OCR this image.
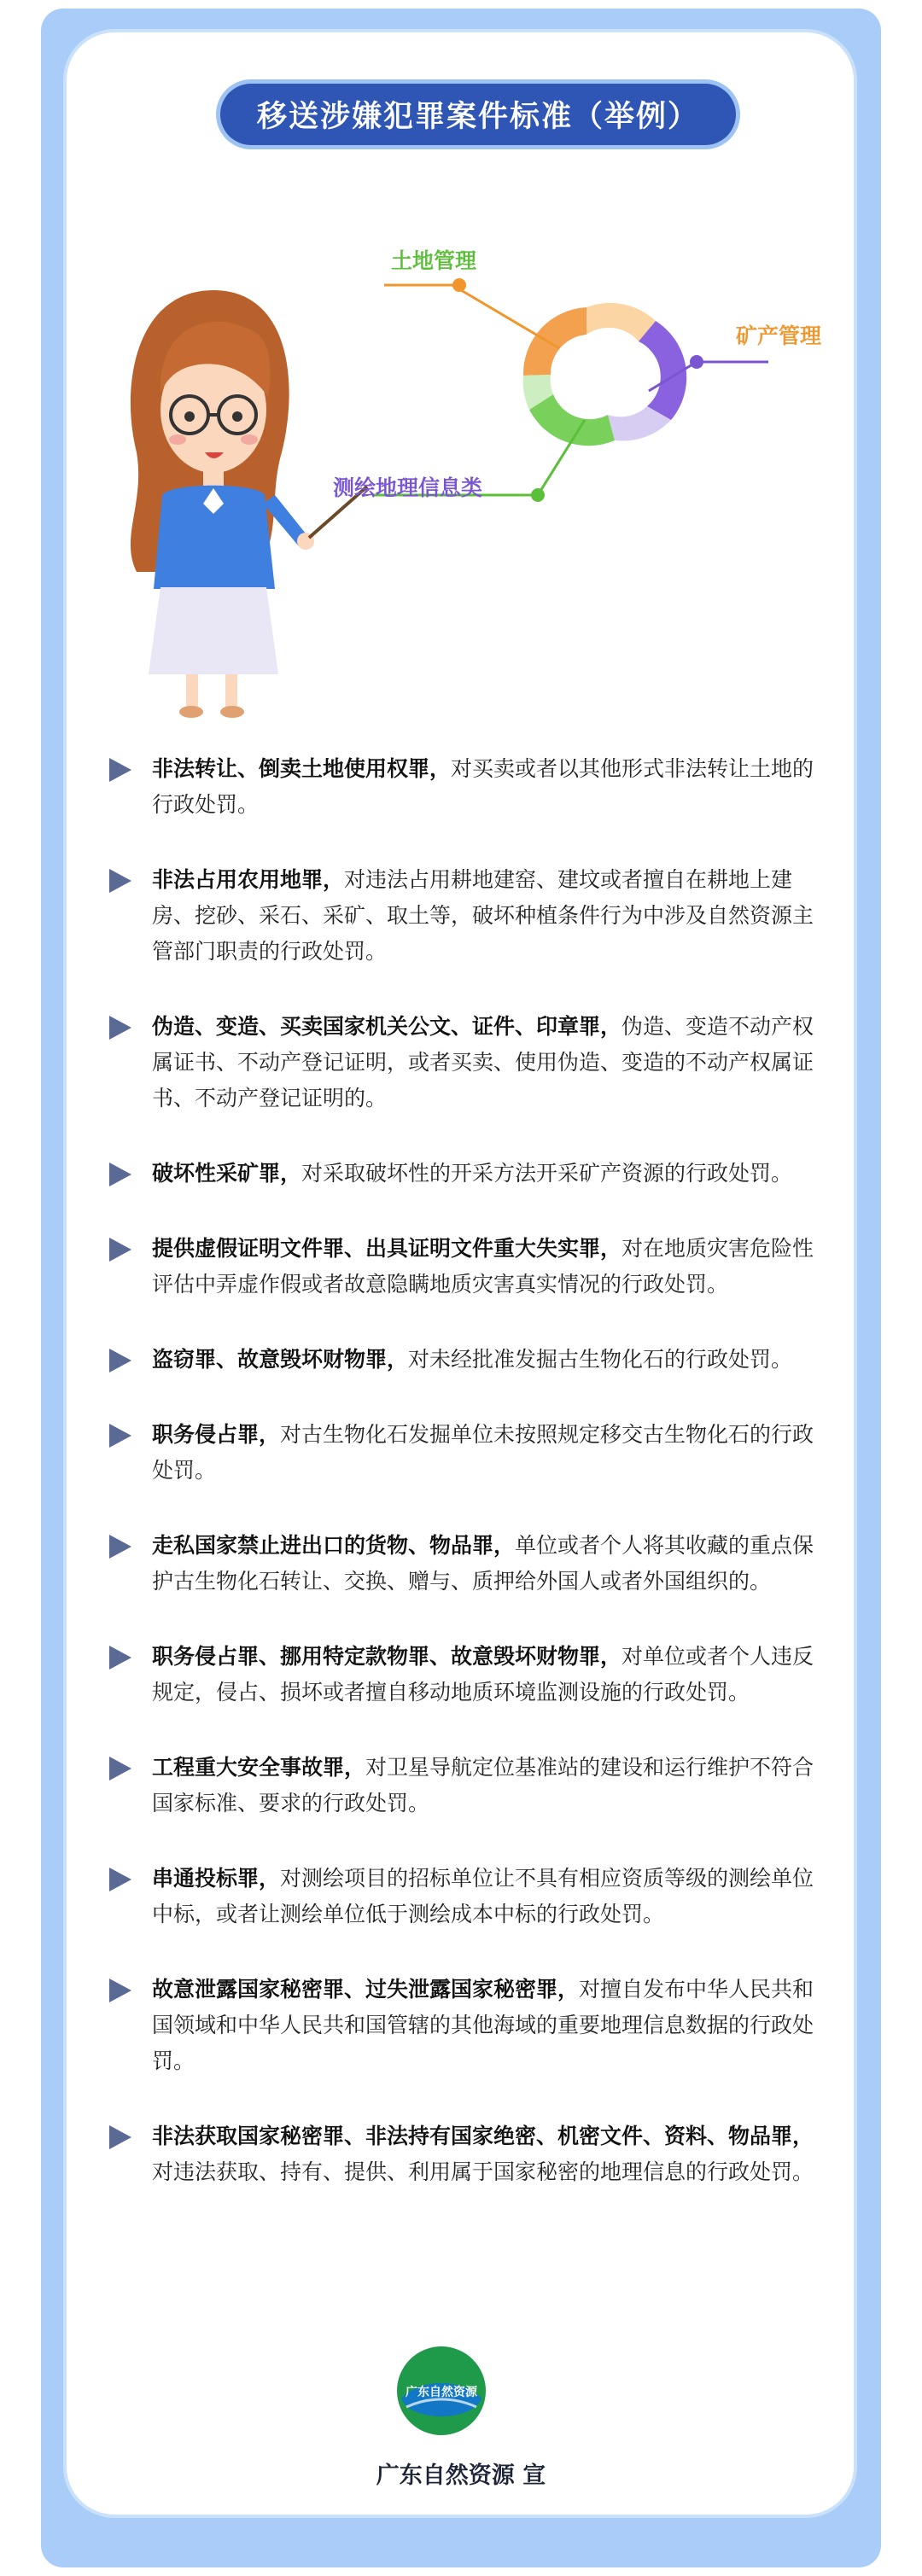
移送涉嫌犯罪案件标准（举例）
土地管理
矿产管理
测绘地理信息类
非法转让、倒卖土地使用权罪，对买卖或者以其他形式非法转让土地的行政处罚。
非法占用农用地罪，对违法占用耕地建窑、建坟或者擅自在耕地上建房、挖砂、采石、采矿、取土等，破坏种植条件行为中涉及自然资源主管部门职责的行政处罚。
伪造、变造、买卖国家机关公文、证件、印章罪，伪造、变造不动产权属证书、不动产登记证明，或者买卖、使用伪造、变造的不动产权属证书、不动产登记证明的。
破坏性采矿罪，对采取破坏性的开采方法开采矿产资源的行政处罚。
提供虚假证明文件罪、出具证明文件重大失实罪，对在地质灾害危险性评估中弄虚作假或者故意隐瞒地质灾害真实情况的行政处罚。
盗窃罪、故意毁坏财物罪，对未经批准发掘古生物化石的行政处罚。
职务侵占罪，对古生物化石发掘单位未按照规定移交古生物化石的行政处罚。
走私国家禁止进出口的货物、物品罪，单位或者个人将其收藏的重点保护古生物化石转让、交换、赠与、质押给外国人或者外国组织的。
职务侵占罪、挪用特定款物罪、故意毁坏财物罪，对单位或者个人违反规定，侵占、损坏或者擅自移动地质环境监测设施的行政处罚。
工程重大安全事故罪，对卫星导航定位基准站的建设和运行维护不符合国家标准、要求的行政处罚。
串通投标罪，对测绘项目的招标单位让不具有相应资质等级的测绘单位中标，或者让测绘单位低于测绘成本中标的行政处罚。
故意泄露国家秘密罪、过失泄露国家秘密罪，对擅自发布中华人民共和国领域和中华人民共和国管辖的其他海域的重要地理信息数据的行政处罚。
非法获取国家秘密罪、非法持有国家绝密、机密文件、资料、物品罪，对违法获取、持有、提供、利用属于国家秘密的地理信息的行政处罚。
广东自然资源
广东自然资源 宣
